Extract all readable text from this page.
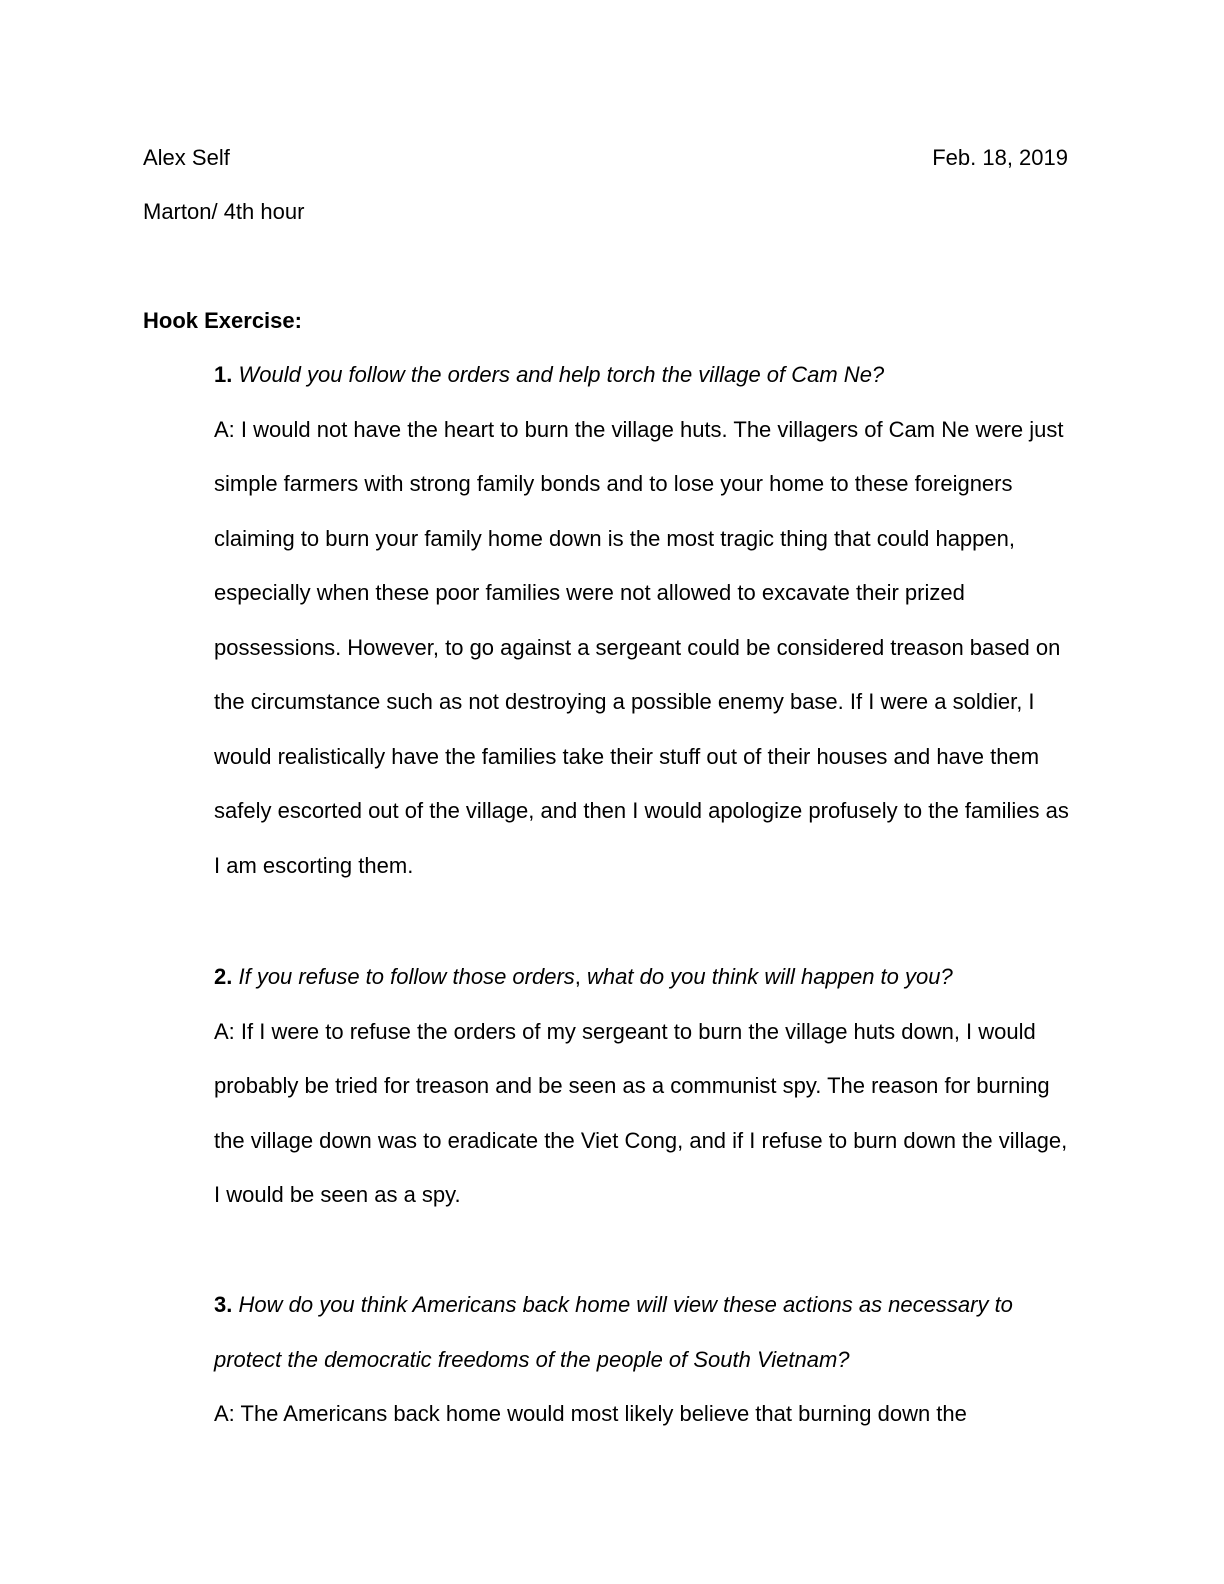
Alex Self	Feb. 18, 2019
Marton/ 4th hour
Hook Exercise:

1. Would you follow the orders and help torch the village of Cam Ne?

A: I would not have the heart to burn the village huts. The villagers of Cam Ne were just simple farmers with strong family bonds and to lose your home to these foreigners claiming to burn your family home down is the most tragic thing that could happen, especially when these poor families were not allowed to excavate their prized possessions. However, to go against a sergeant could be considered treason based on the circumstance such as not destroying a possible enemy base. If I were a soldier, I would realistically have the families take their stuff out of their houses and have them safely escorted out of the village, and then I would apologize profusely to the families as I am escorting them.

2. If you refuse to follow those orders, what do you think will happen to you?

A: If I were to refuse the orders of my sergeant to burn the village huts down, I would probably be tried for treason and be seen as a communist spy. The reason for burning the village down was to eradicate the Viet Cong, and if I refuse to burn down the village, I would be seen as a spy.

3. How do you think Americans back home will view these actions as necessary to protect the democratic freedoms of the people of South Vietnam?

A: The Americans back home would most likely believe that burning down the
